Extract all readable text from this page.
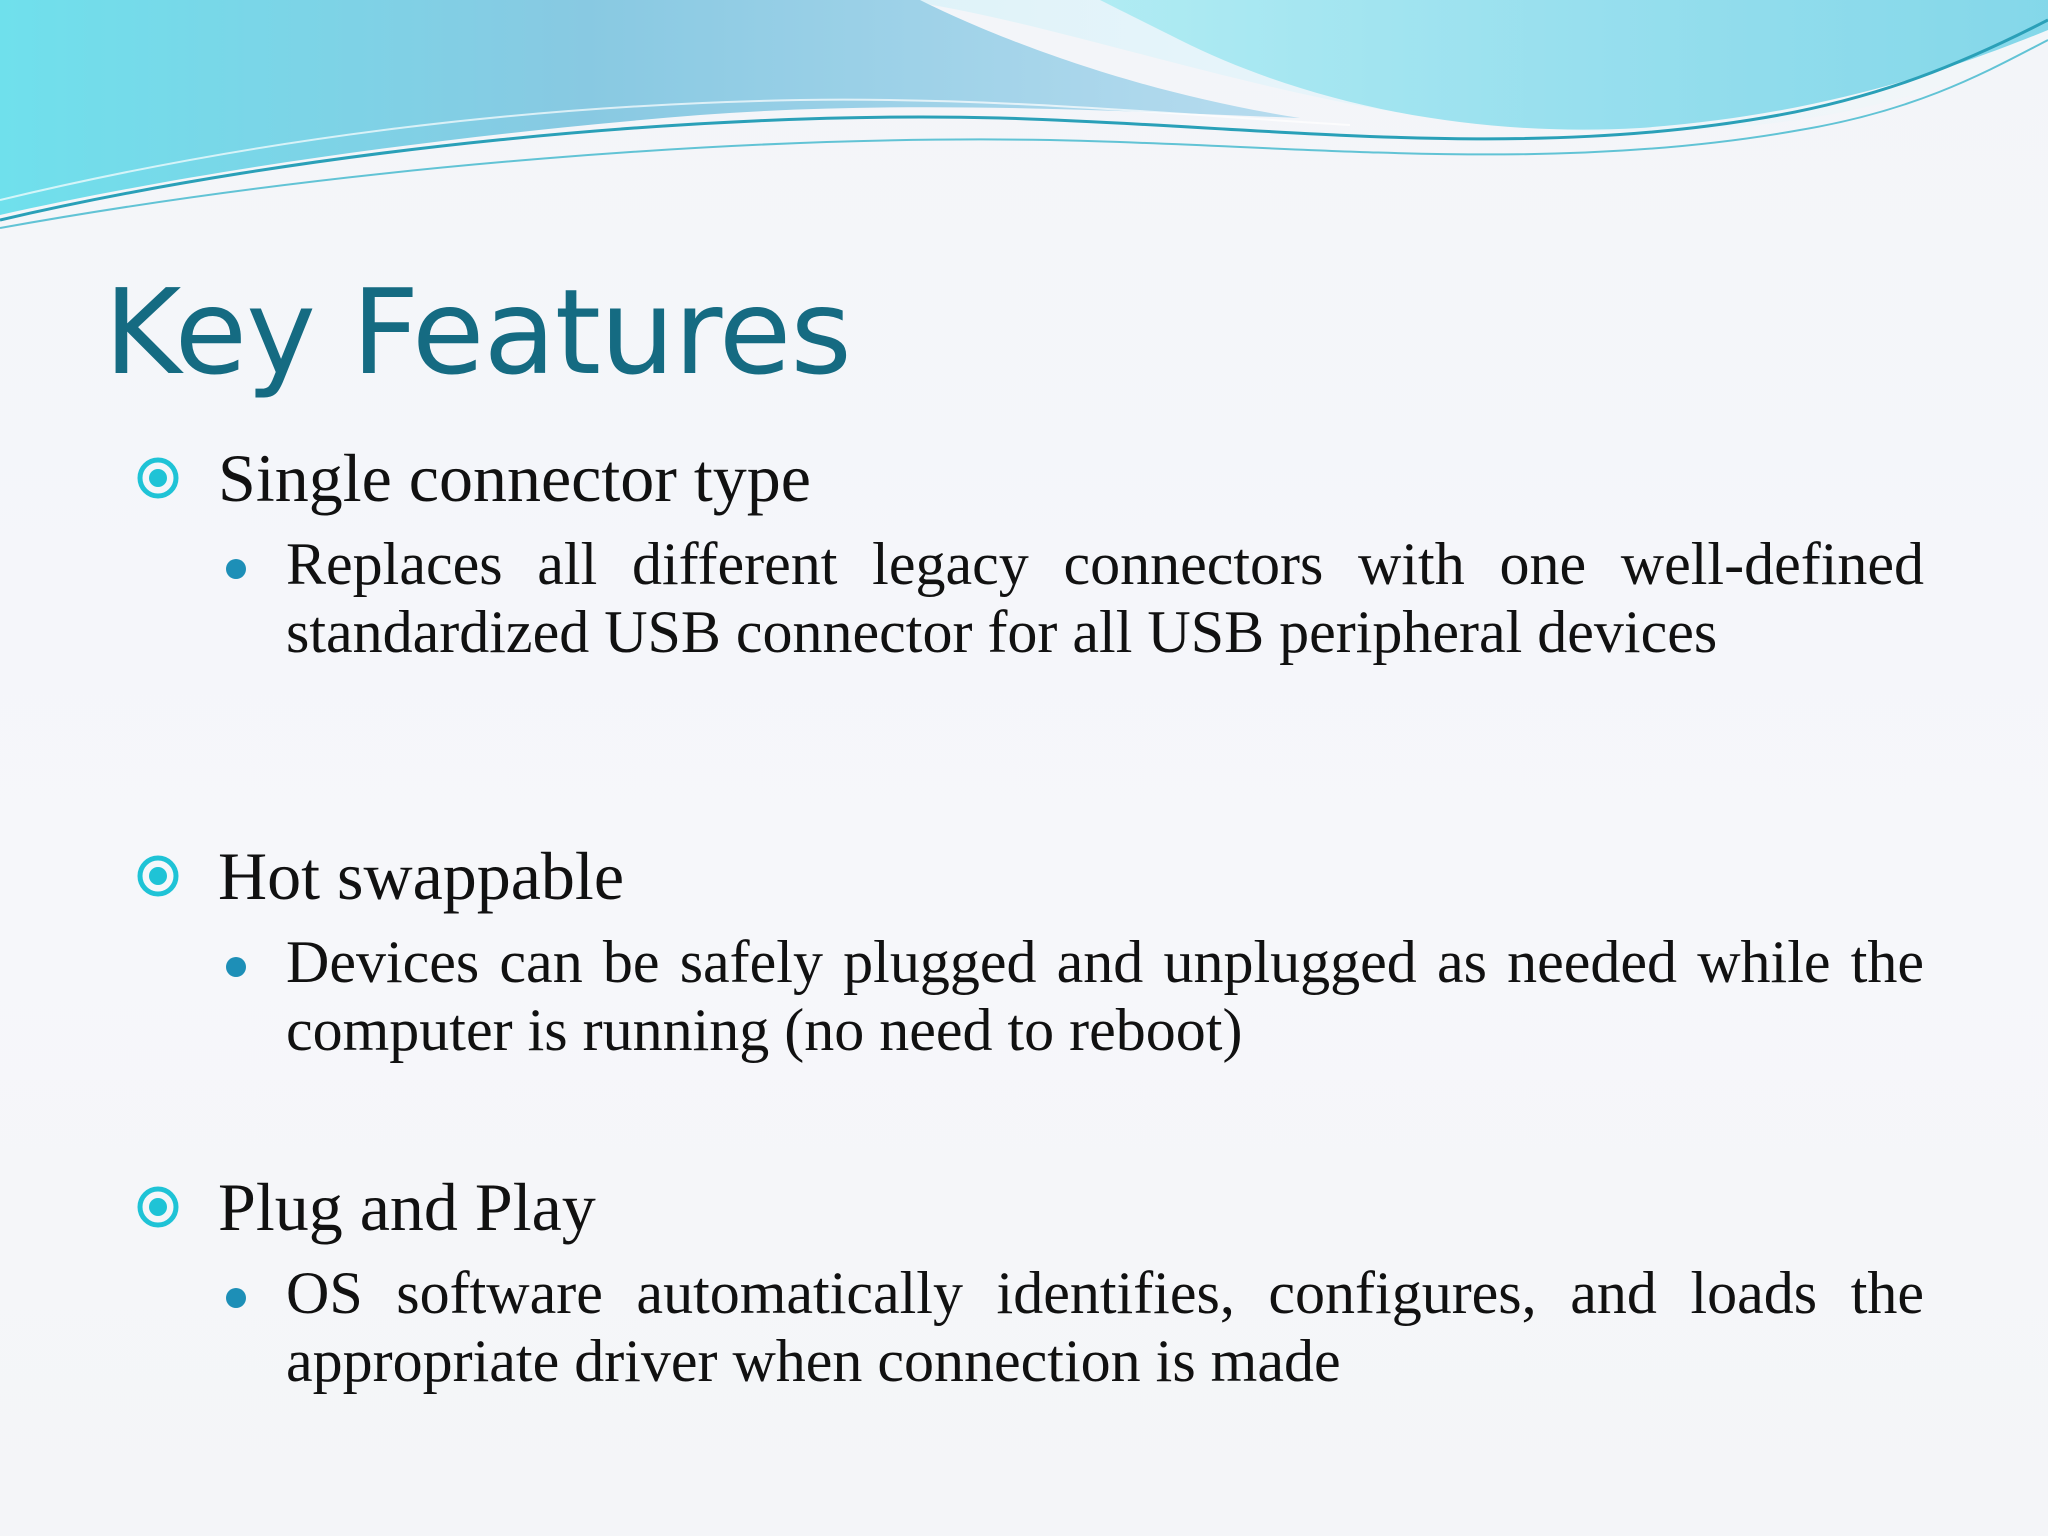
Key Features
Single connector type
Replaces all different legacy connectors with one well-defined standardized USB connector for all USB peripheral devices
Hot swappable
Devices can be safely plugged and unplugged as needed while the computer is running (no need to reboot)
Plug and Play
OS software automatically identifies, configures, and loads the appropriate driver when connection is made
